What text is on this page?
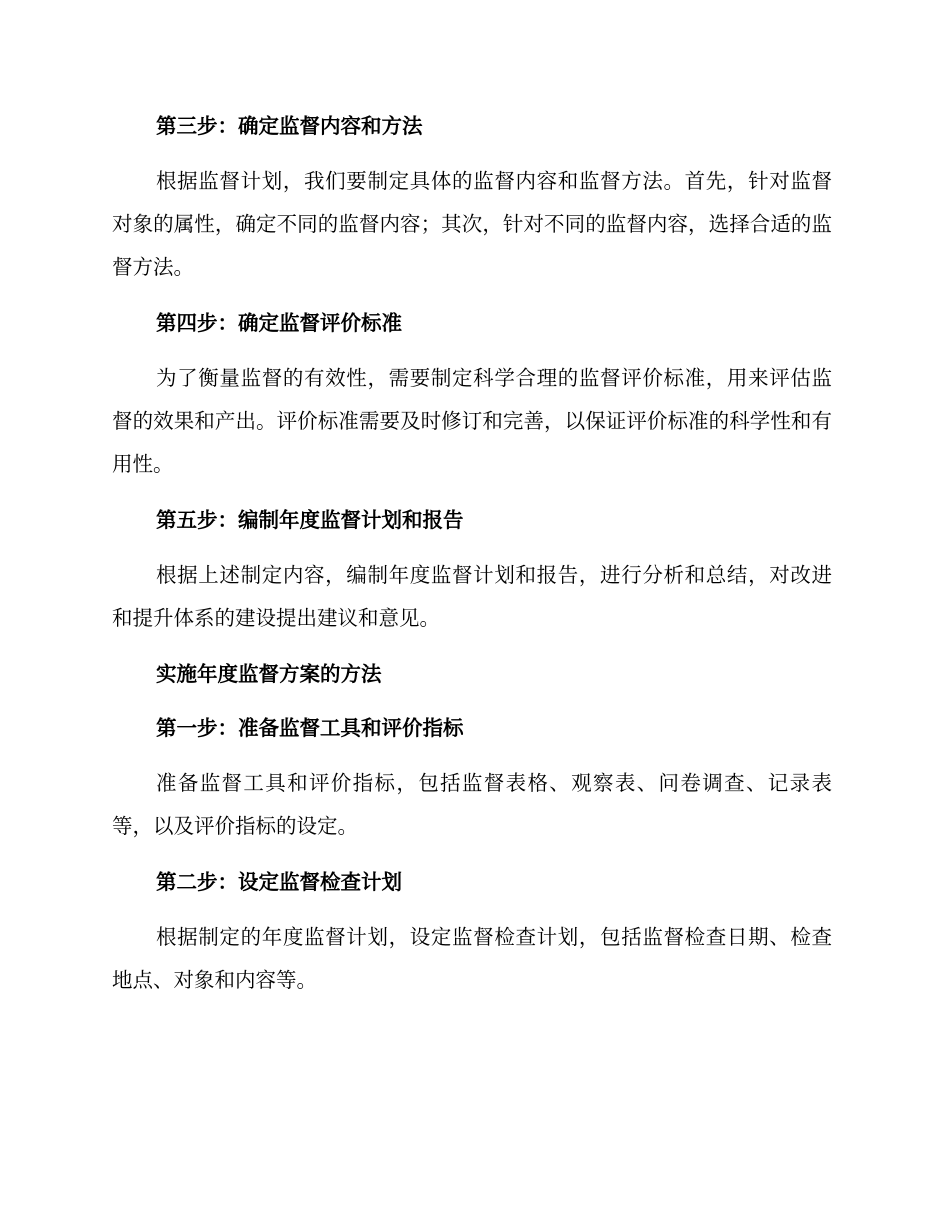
第三步：确定监督内容和方法

根据监督计划，我们要制定具体的监督内容和监督方法。首先，针对监督对象的属性，确定不同的监督内容；其次，针对不同的监督内容，选择合适的监督方法。

第四步：确定监督评价标准

为了衡量监督的有效性，需要制定科学合理的监督评价标准，用来评估监督的效果和产出。评价标准需要及时修订和完善，以保证评价标准的科学性和有用性。

第五步：编制年度监督计划和报告

根据上述制定内容，编制年度监督计划和报告，进行分析和总结，对改进和提升体系的建设提出建议和意见。

实施年度监督方案的方法
第一步：准备监督工具和评价指标

准备监督工具和评价指标，包括监督表格、观察表、问卷调查、记录表等，以及评价指标的设定。

第二步：设定监督检查计划

根据制定的年度监督计划，设定监督检查计划，包括监督检查日期、检查地点、对象和内容等。
